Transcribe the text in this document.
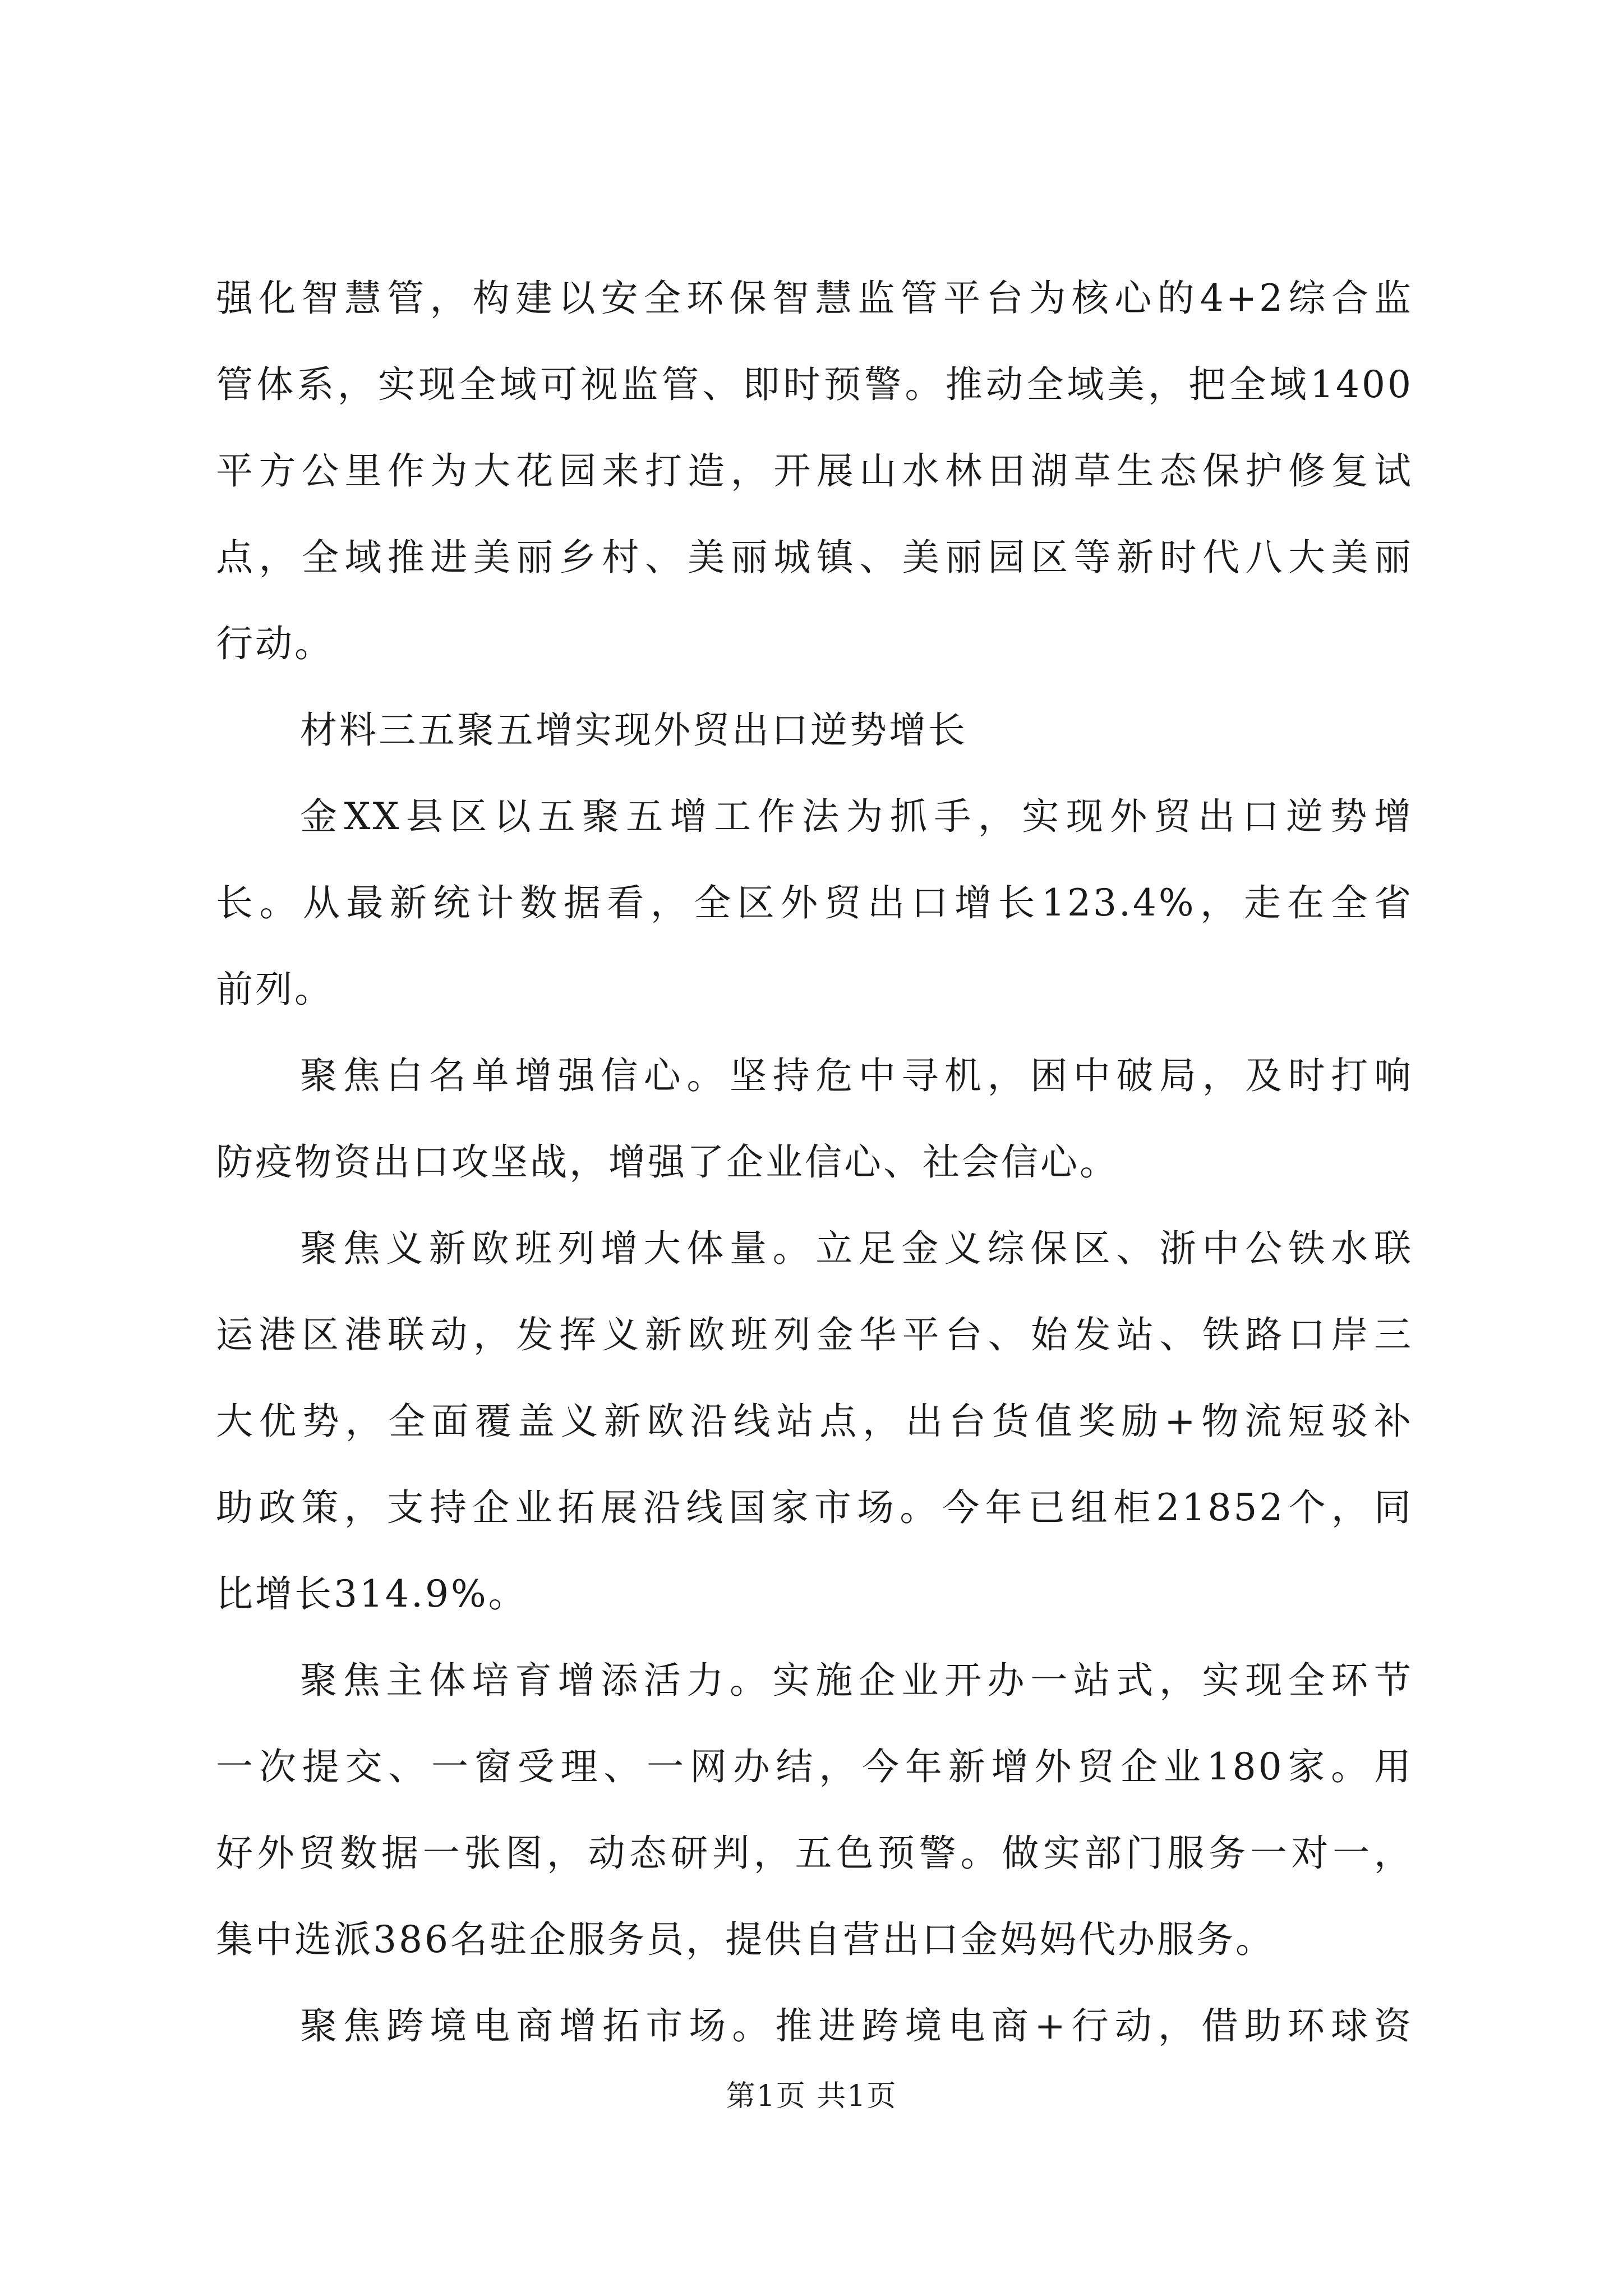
强化智慧管，构建以安全环保智慧监管平台为核心的4+2综合监
管体系，实现全域可视监管、即时预警。推动全域美，把全域1400
平方公里作为大花园来打造，开展山水林田湖草生态保护修复试
点，全域推进美丽乡村、美丽城镇、美丽园区等新时代八大美丽
行动。
材料三五聚五增实现外贸出口逆势增长
金XX县区以五聚五增工作法为抓手，实现外贸出口逆势增
长。从最新统计数据看，全区外贸出口增长123.4%，走在全省
前列。
聚焦白名单增强信心。坚持危中寻机，困中破局，及时打响
防疫物资出口攻坚战，增强了企业信心、社会信心。
聚焦义新欧班列增大体量。立足金义综保区、浙中公铁水联
运港区港联动，发挥义新欧班列金华平台、始发站、铁路口岸三
大优势，全面覆盖义新欧沿线站点，出台货值奖励+物流短驳补
助政策，支持企业拓展沿线国家市场。今年已组柜21852个，同
比增长314.9%。
聚焦主体培育增添活力。实施企业开办一站式，实现全环节
一次提交、一窗受理、一网办结，今年新增外贸企业180家。用
好外贸数据一张图，动态研判，五色预警。做实部门服务一对一，
集中选派386名驻企服务员，提供自营出口金妈妈代办服务。
聚焦跨境电商增拓市场。推进跨境电商+行动，借助环球资
第1页 共1页
